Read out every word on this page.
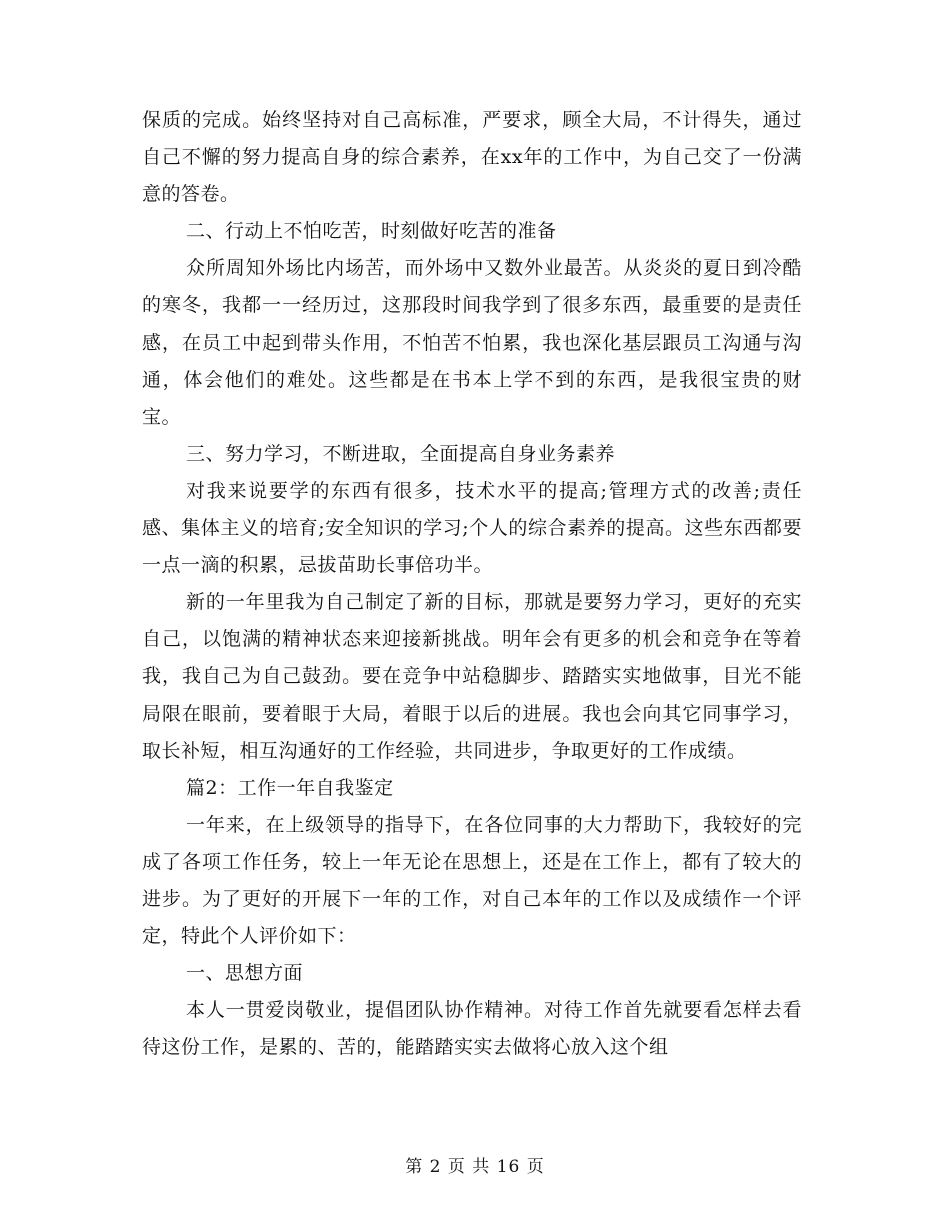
保质的完成。始终坚持对自己高标准，严要求，顾全大局，不计得失，通过自己不懈的努力提高自身的综合素养，在xx年的工作中，为自己交了一份满意的答卷。

二、行动上不怕吃苦，时刻做好吃苦的准备

众所周知外场比内场苦，而外场中又数外业最苦。从炎炎的夏日到冷酷的寒冬，我都一一经历过，这那段时间我学到了很多东西，最重要的是责任感，在员工中起到带头作用，不怕苦不怕累，我也深化基层跟员工沟通与沟通，体会他们的难处。这些都是在书本上学不到的东西，是我很宝贵的财宝。

三、努力学习，不断进取，全面提高自身业务素养

对我来说要学的东西有很多，技术水平的提高;管理方式的改善;责任感、集体主义的培育;安全知识的学习;个人的综合素养的提高。这些东西都要一点一滴的积累，忌拔苗助长事倍功半。

新的一年里我为自己制定了新的目标，那就是要努力学习，更好的充实自己，以饱满的精神状态来迎接新挑战。明年会有更多的机会和竞争在等着我，我自己为自己鼓劲。要在竞争中站稳脚步、踏踏实实地做事，目光不能局限在眼前，要着眼于大局，着眼于以后的进展。我也会向其它同事学习，取长补短，相互沟通好的工作经验，共同进步，争取更好的工作成绩。

篇2：工作一年自我鉴定

一年来，在上级领导的指导下，在各位同事的大力帮助下，我较好的完成了各项工作任务，较上一年无论在思想上，还是在工作上，都有了较大的进步。为了更好的开展下一年的工作，对自己本年的工作以及成绩作一个评定，特此个人评价如下：

一、思想方面

本人一贯爱岗敬业，提倡团队协作精神。对待工作首先就要看怎样去看待这份工作，是累的、苦的，能踏踏实实去做将心放入这个组

第 2 页 共 16 页
